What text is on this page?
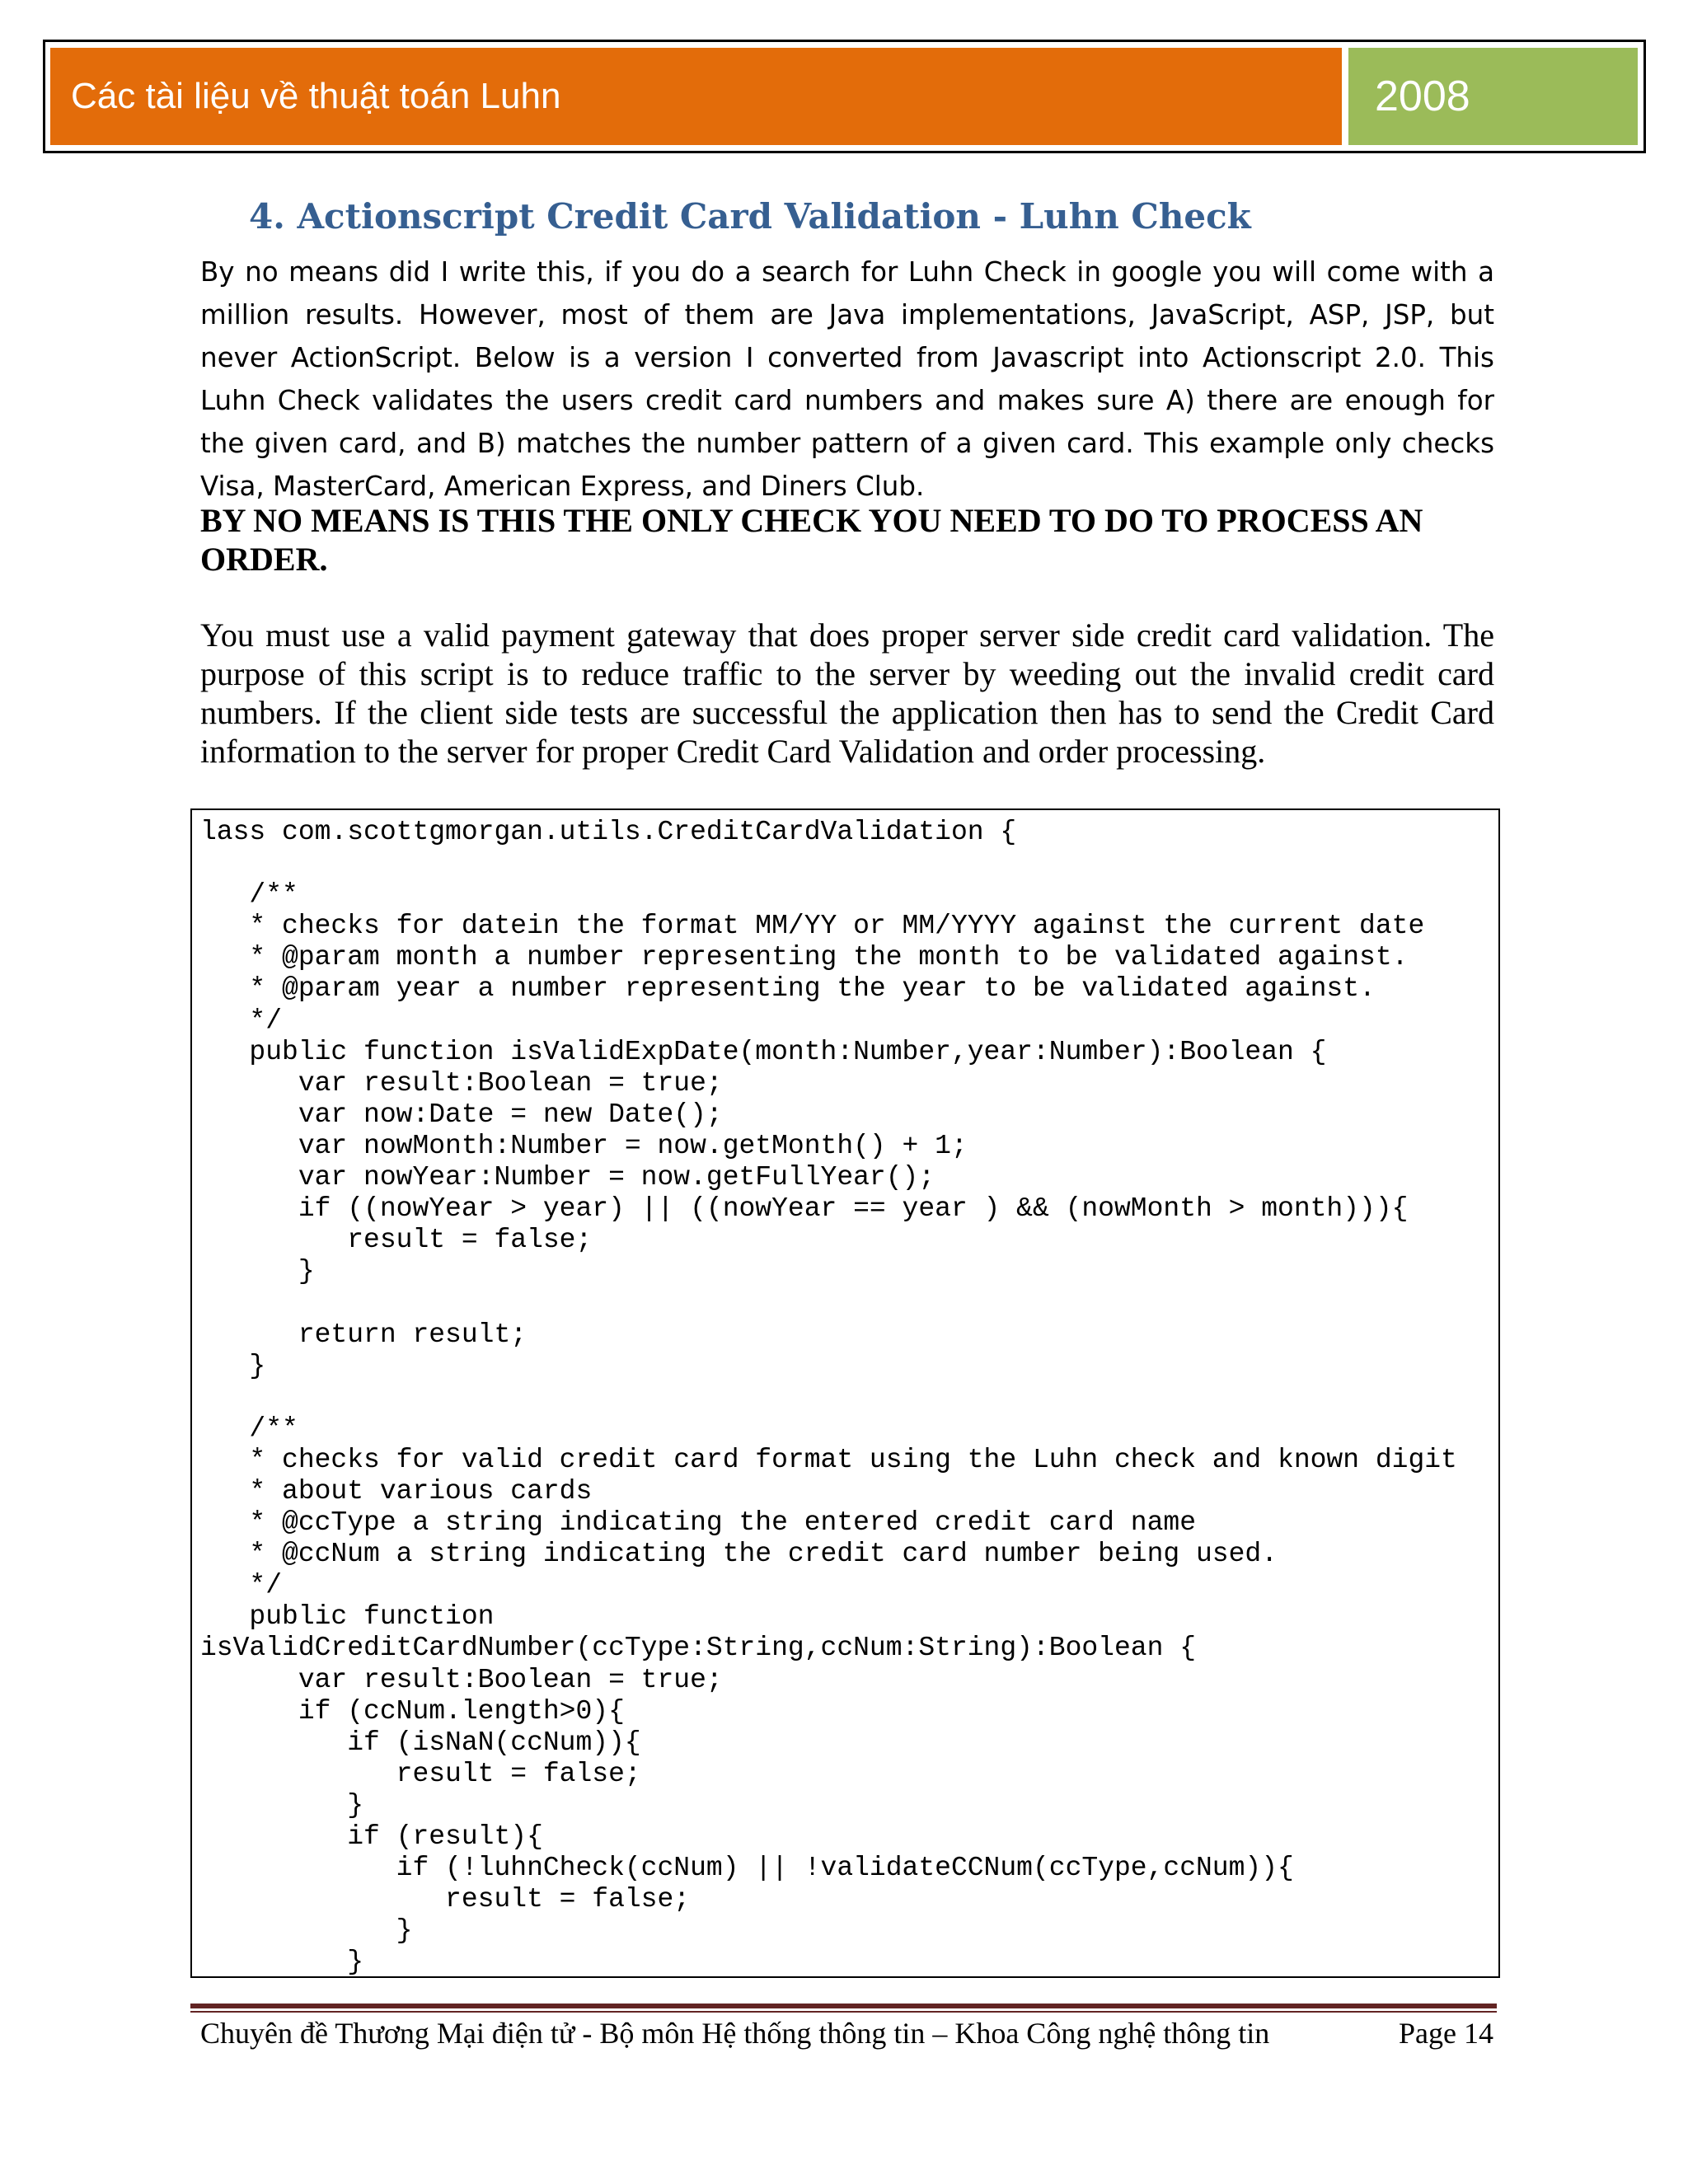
Các tài liệu về thuật toán Luhn	2008
4. Actionscript Credit Card Validation - Luhn Check
By no means did I write this, if you do a search for Luhn Check in google you will come with a million results. However, most of them are Java implementations, JavaScript, ASP, JSP, but never ActionScript. Below is a version I converted from Javascript into Actionscript 2.0. This Luhn Check validates the users credit card numbers and makes sure A) there are enough for the given card, and B) matches the number pattern of a given card. This example only checks Visa, MasterCard, American Express, and Diners Club.
BY NO MEANS IS THIS THE ONLY CHECK YOU NEED TO DO TO PROCESS AN ORDER.
You must use a valid payment gateway that does proper server side credit card validation. The purpose of this script is to reduce traffic to the server by weeding out the invalid credit card numbers. If the client side tests are successful the application then has to send the Credit Card information to the server for proper Credit Card Validation and order processing.
lass com.scottgmorgan.utils.CreditCardValidation {

/**
* checks for datein the format MM/YY or MM/YYYY against the current date
* @param month a number representing the month to be validated against.
* @param year a number representing the year to be validated against.
*/
public function isValidExpDate(month:Number,year:Number):Boolean {
var result:Boolean = true;
var now:Date = new Date();
var nowMonth:Number = now.getMonth() + 1;
var nowYear:Number = now.getFullYear();
if ((nowYear > year) || ((nowYear == year ) && (nowMonth > month))){
result = false;
}

return result;
}

/**
* checks for valid credit card format using the Luhn check and known digit
* about various cards
* @ccType a string indicating the entered credit card name
* @ccNum a string indicating the credit card number being used.
*/
public function
isValidCreditCardNumber(ccType:String,ccNum:String):Boolean {
var result:Boolean = true;
if (ccNum.length>0){
if (isNaN(ccNum)){
result = false;
}
if (result){
if (!luhnCheck(ccNum) || !validateCCNum(ccType,ccNum)){
result = false;
}
}
Chuyên đề Thương Mại điện tử - Bộ môn Hệ thống thông tin – Khoa Công nghệ thông tin	Page 14
